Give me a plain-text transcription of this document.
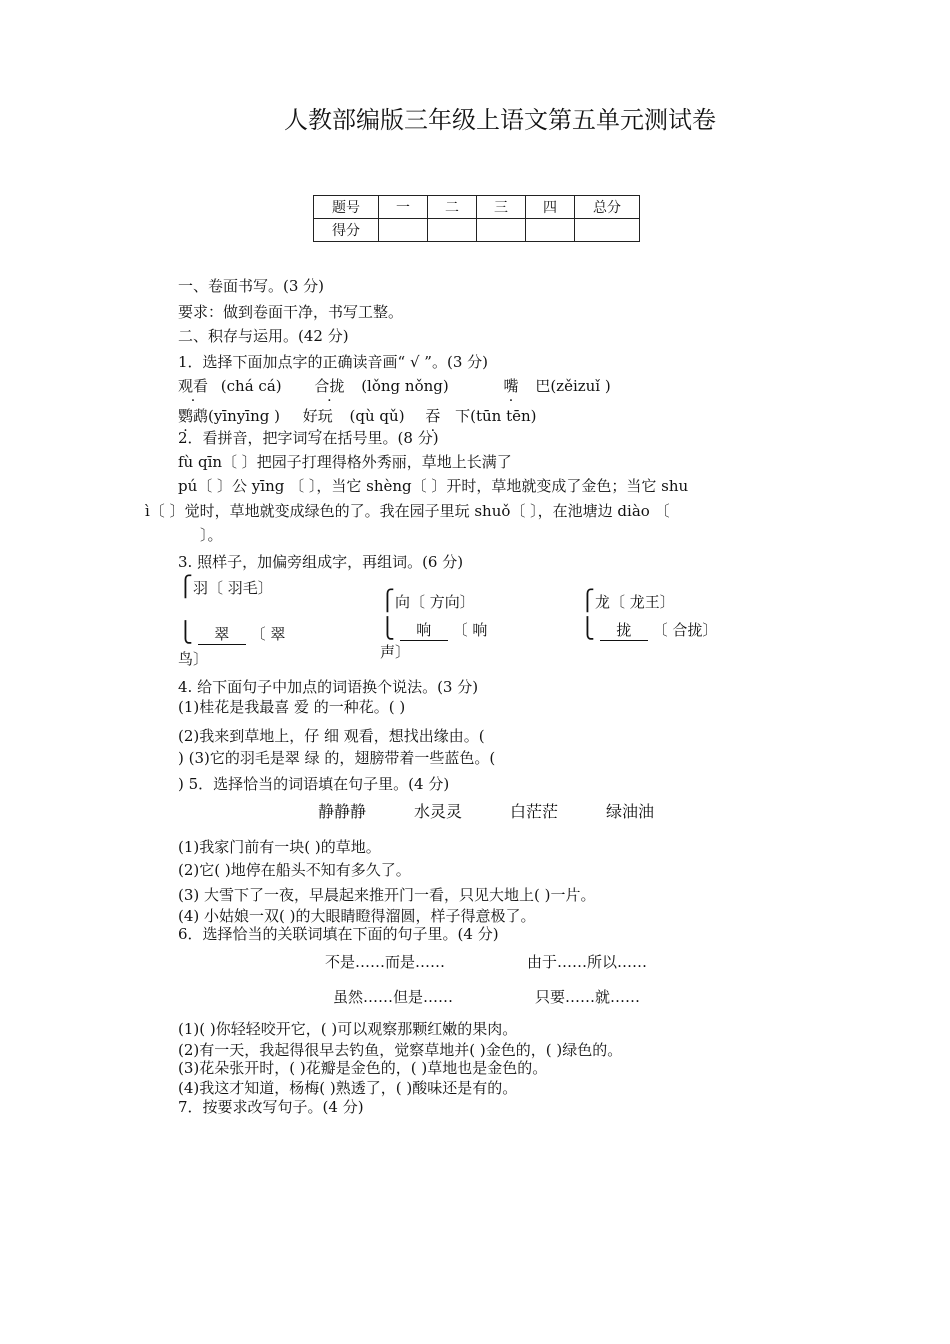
人教部编版三年级上语文第五单元测试卷
题号	一	二	三	四	总分
得分					
一、卷面书写。(3 分)
要求：做到卷面干净，书写工整。
二、积存与运用。(42 分)
1．选择下面加点字的正确读音画“ √ ”。(3 分)
观看 (chá cá) 合拢 (lǒng nǒng)	嘴 巴(zěizuǐ )
鹦鹉(yīnyīng ) 好玩 (qù qǔ) 吞 下(tūn tēn)
2．看拼音，把字词写在括号里。(8 分)
fù qīn〔 〕把园子打理得格外秀丽，草地上长满了
pú〔 〕公 yīng 〔 〕，当它 shèng〔 〕开时，草地就变成了金色；当它 shu
ì〔 〕觉时，草地就变成绿色的了。我在园子里玩 shuǒ〔 〕，在池塘边 diào 〔
〕。
3. 照样子，加偏旁组成字，再组词。(6 分)
⎧羽〔 羽毛〕
⎩ 翠 〔 翠
鸟〕
⎧向〔 方向〕
⎩ 响 〔 响
声〕
⎧龙〔 龙王〕
⎩ 拢 〔 合拢〕
4. 给下面句子中加点的词语换个说法。(3 分)
(1)桂花是我最喜 爱 的一种花。( )
(2)我来到草地上，仔 细 观看，想找出缘由。(
) (3)它的羽毛是翠 绿 的，翅膀带着一些蓝色。(
) 5．选择恰当的词语填在句子里。(4 分)
静静静	水灵灵	白茫茫	绿油油
(1)我家门前有一块( )的草地。
(2)它( )地停在船头不知有多久了。
(3) 大雪下了一夜，早晨起来推开门一看，只见大地上( )一片。
(4) 小姑娘一双( )的大眼睛瞪得溜圆，样子得意极了。
6．选择恰当的关联词填在下面的句子里。(4 分)
不是……而是……	由于……所以……
虽然……但是……	只要……就……
(1)( )你轻轻咬开它，( )可以观察那颗红嫩的果肉。
(2)有一天，我起得很早去钓鱼，觉察草地并( )金色的，( )绿色的。
(3)花朵张开时，( )花瓣是金色的，( )草地也是金色的。
(4)我这才知道，杨梅( )熟透了，( )酸味还是有的。
7．按要求改写句子。(4 分)
